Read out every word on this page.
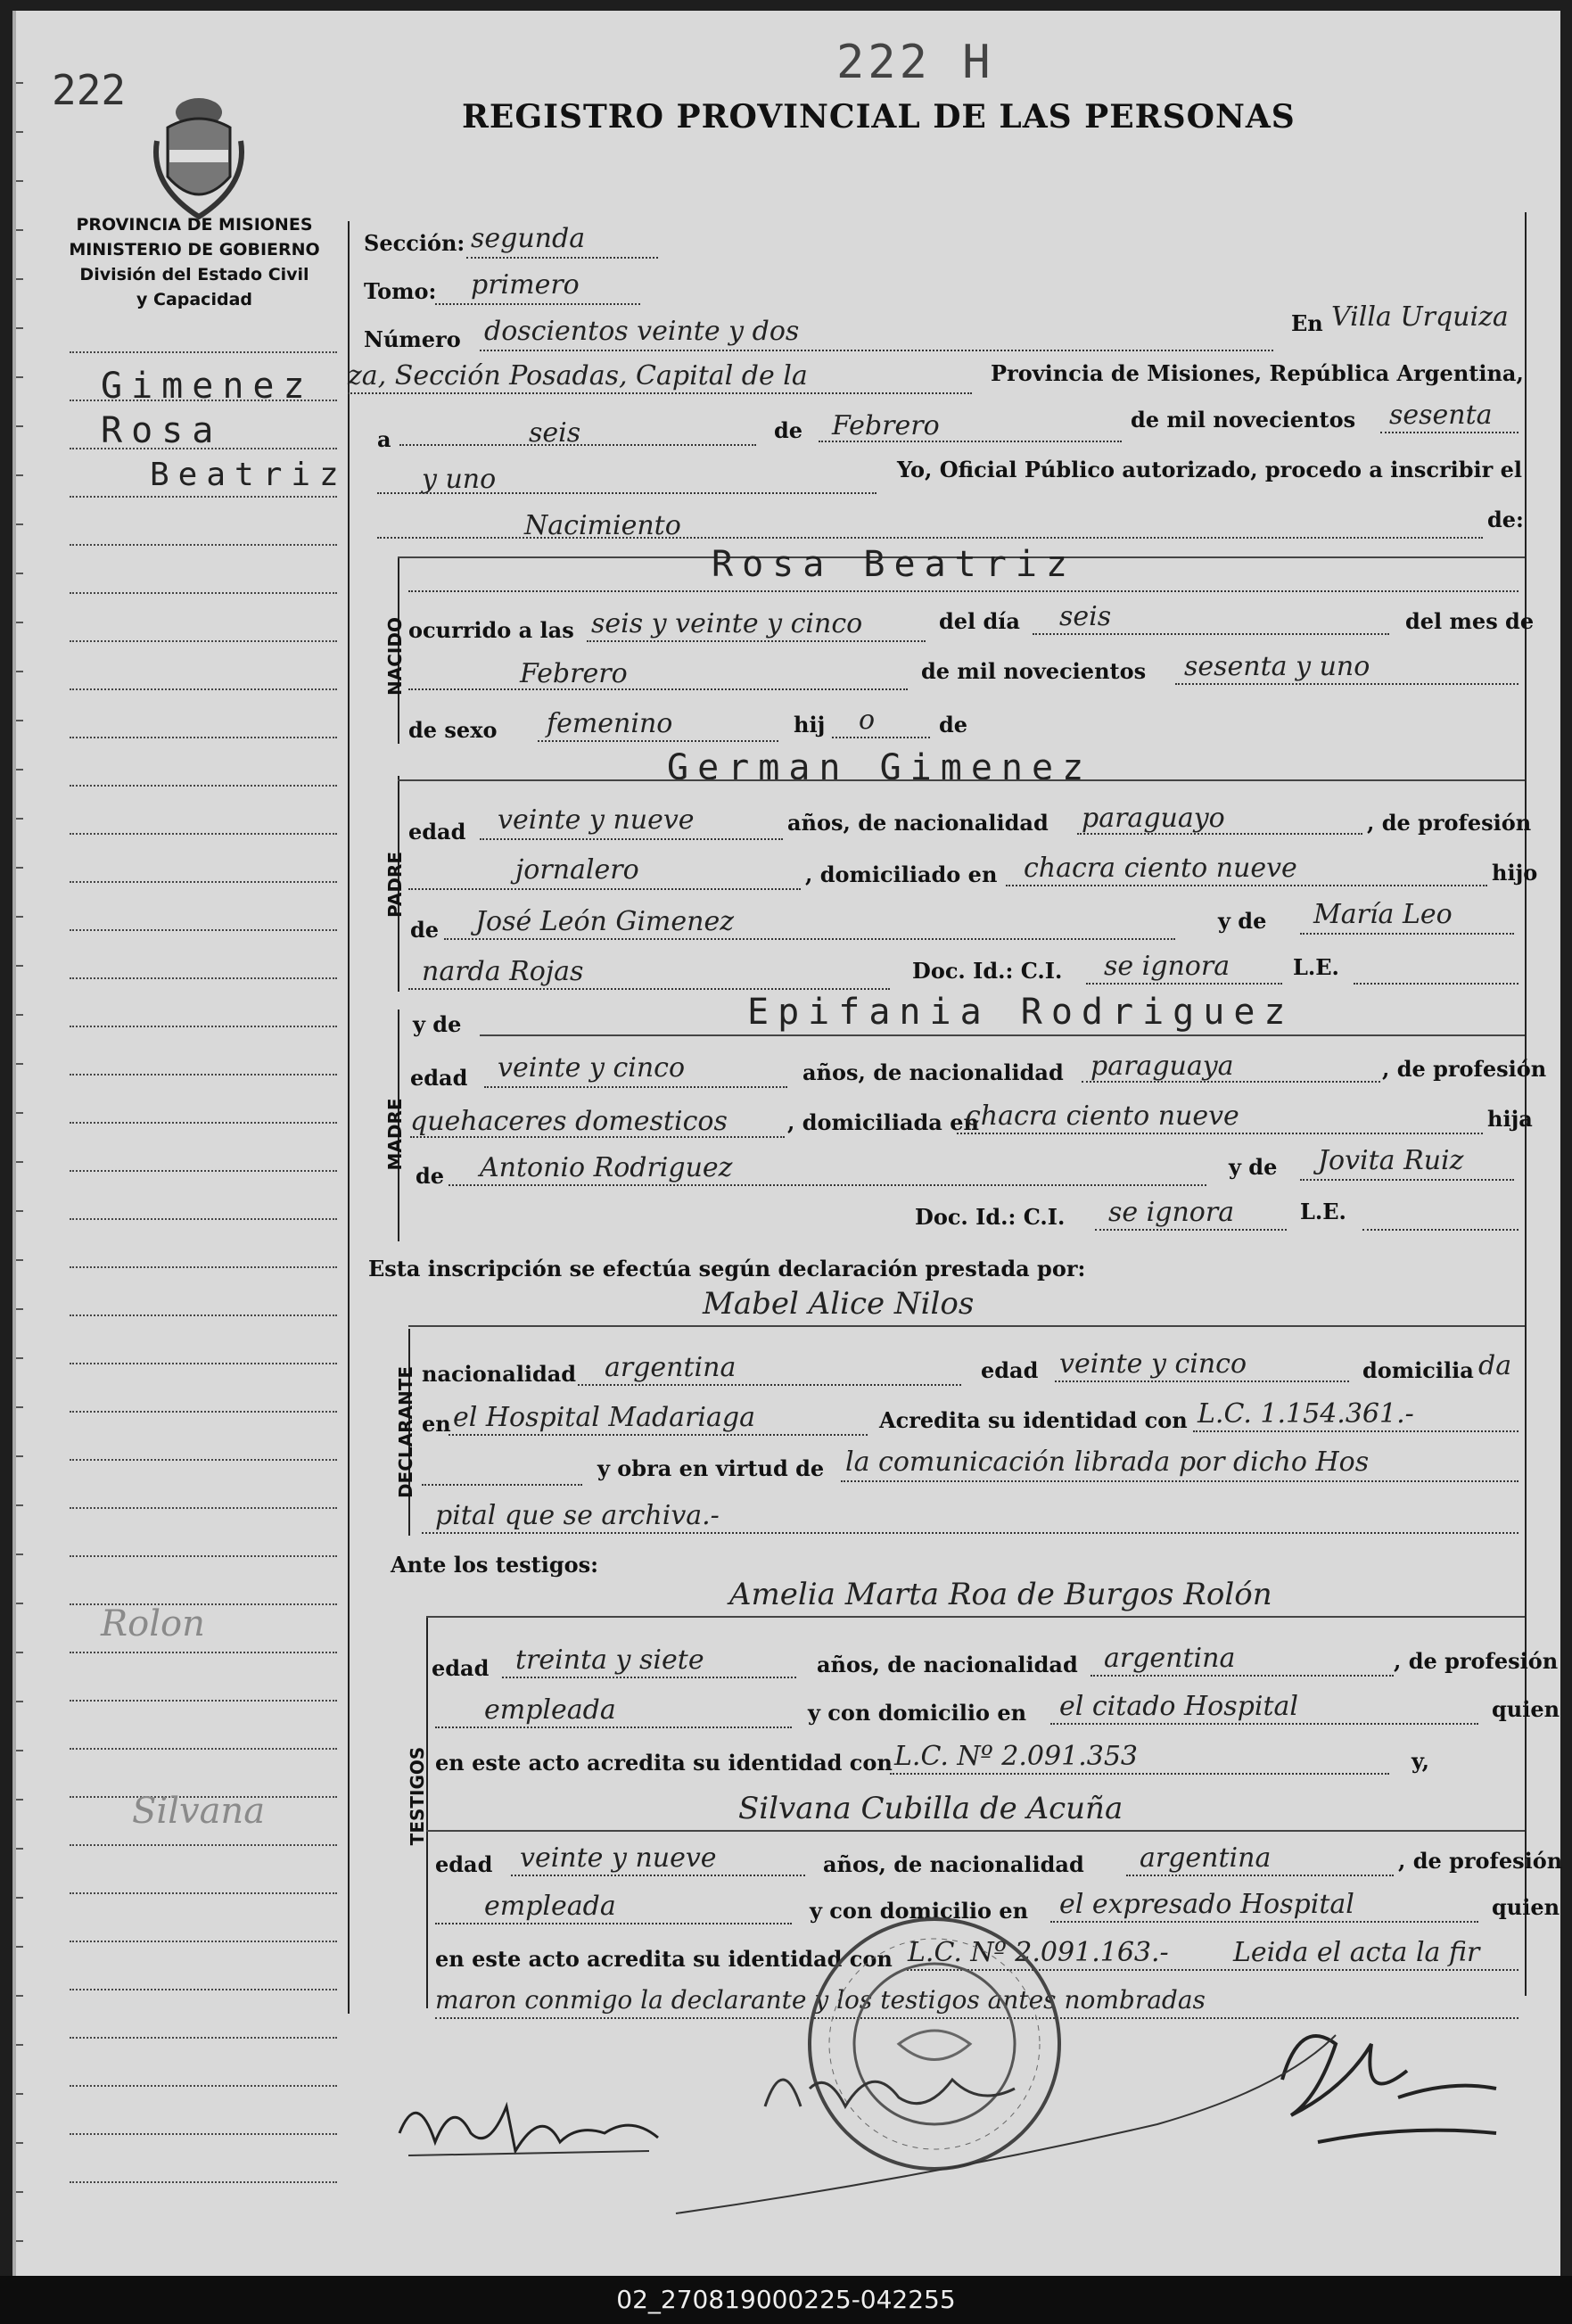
222
222 H
REGISTRO PROVINCIAL DE LAS PERSONAS
PROVINCIA DE MISIONES
MINISTERIO DE GOBIERNO
División del Estado Civil
y Capacidad
Gimenez
Rosa
Beatriz
Rolon
Silvana
Sección: segunda
Tomo: primero
Número doscientos veinte y dos	En Villa Urquiza
za, Sección Posadas, Capital de la	Provincia de Misiones, República Argentina,
a	seis	de Febrero	de mil novecientos sesenta
y uno	Yo, Oficial Público autorizado, procedo a inscribir el
Nacimiento	de:
NACIDO
Rosa Beatriz
ocurrido a las seis y veinte y cinco	del día seis	del mes de
Febrero	de mil novecientos sesenta y uno
de sexo femenino	hij o	de
PADRE
German Gimenez
edad veinte y nueve	años, de nacionalidad paraguayo	, de profesión
jornalero	, domiciliado en chacra ciento nueve	hijo
de José León Gimenez	y de María Leo
narda Rojas	Doc. Id.: C.I. se ignora	L.E.
MADRE
y de	Epifania Rodriguez
edad veinte y cinco	años, de nacionalidad paraguaya	, de profesión
quehaceres domesticos	, domiciliada en
chacra ciento nueve	hija
de Antonio Rodriguez	y de Jovita Ruiz
Doc. Id.: C.I. se ignora	L.E.
Esta inscripción se efectúa según declaración prestada por:
DECLARANTE
Mabel Alice Nilos
nacionalidad argentina	edad veinte y cinco	domicilia da
en el Hospital Madariaga	Acredita su identidad con L.C. 1.154.361.-
y obra en virtud de la comunicación librada por dicho Hos
pital que se archiva.-
Ante los testigos:
TESTIGOS
Amelia Marta Roa de Burgos Rolón
edad treinta y siete	años, de nacionalidad argentina	, de profesión
empleada	y con domicilio en el citado Hospital	quien
en este acto acredita su identidad con L.C. Nº 2.091.353	y,
Silvana Cubilla de Acuña
edad veinte y nueve	años, de nacionalidad argentina	, de profesión
empleada	y con domicilio en el expresado Hospital	quien
en este acto acredita su identidad con L.C. Nº 2.091.163.- Leida el acta la fir
maron conmigo la declarante y los testigos antes nombradas
02_270819000225-042255
